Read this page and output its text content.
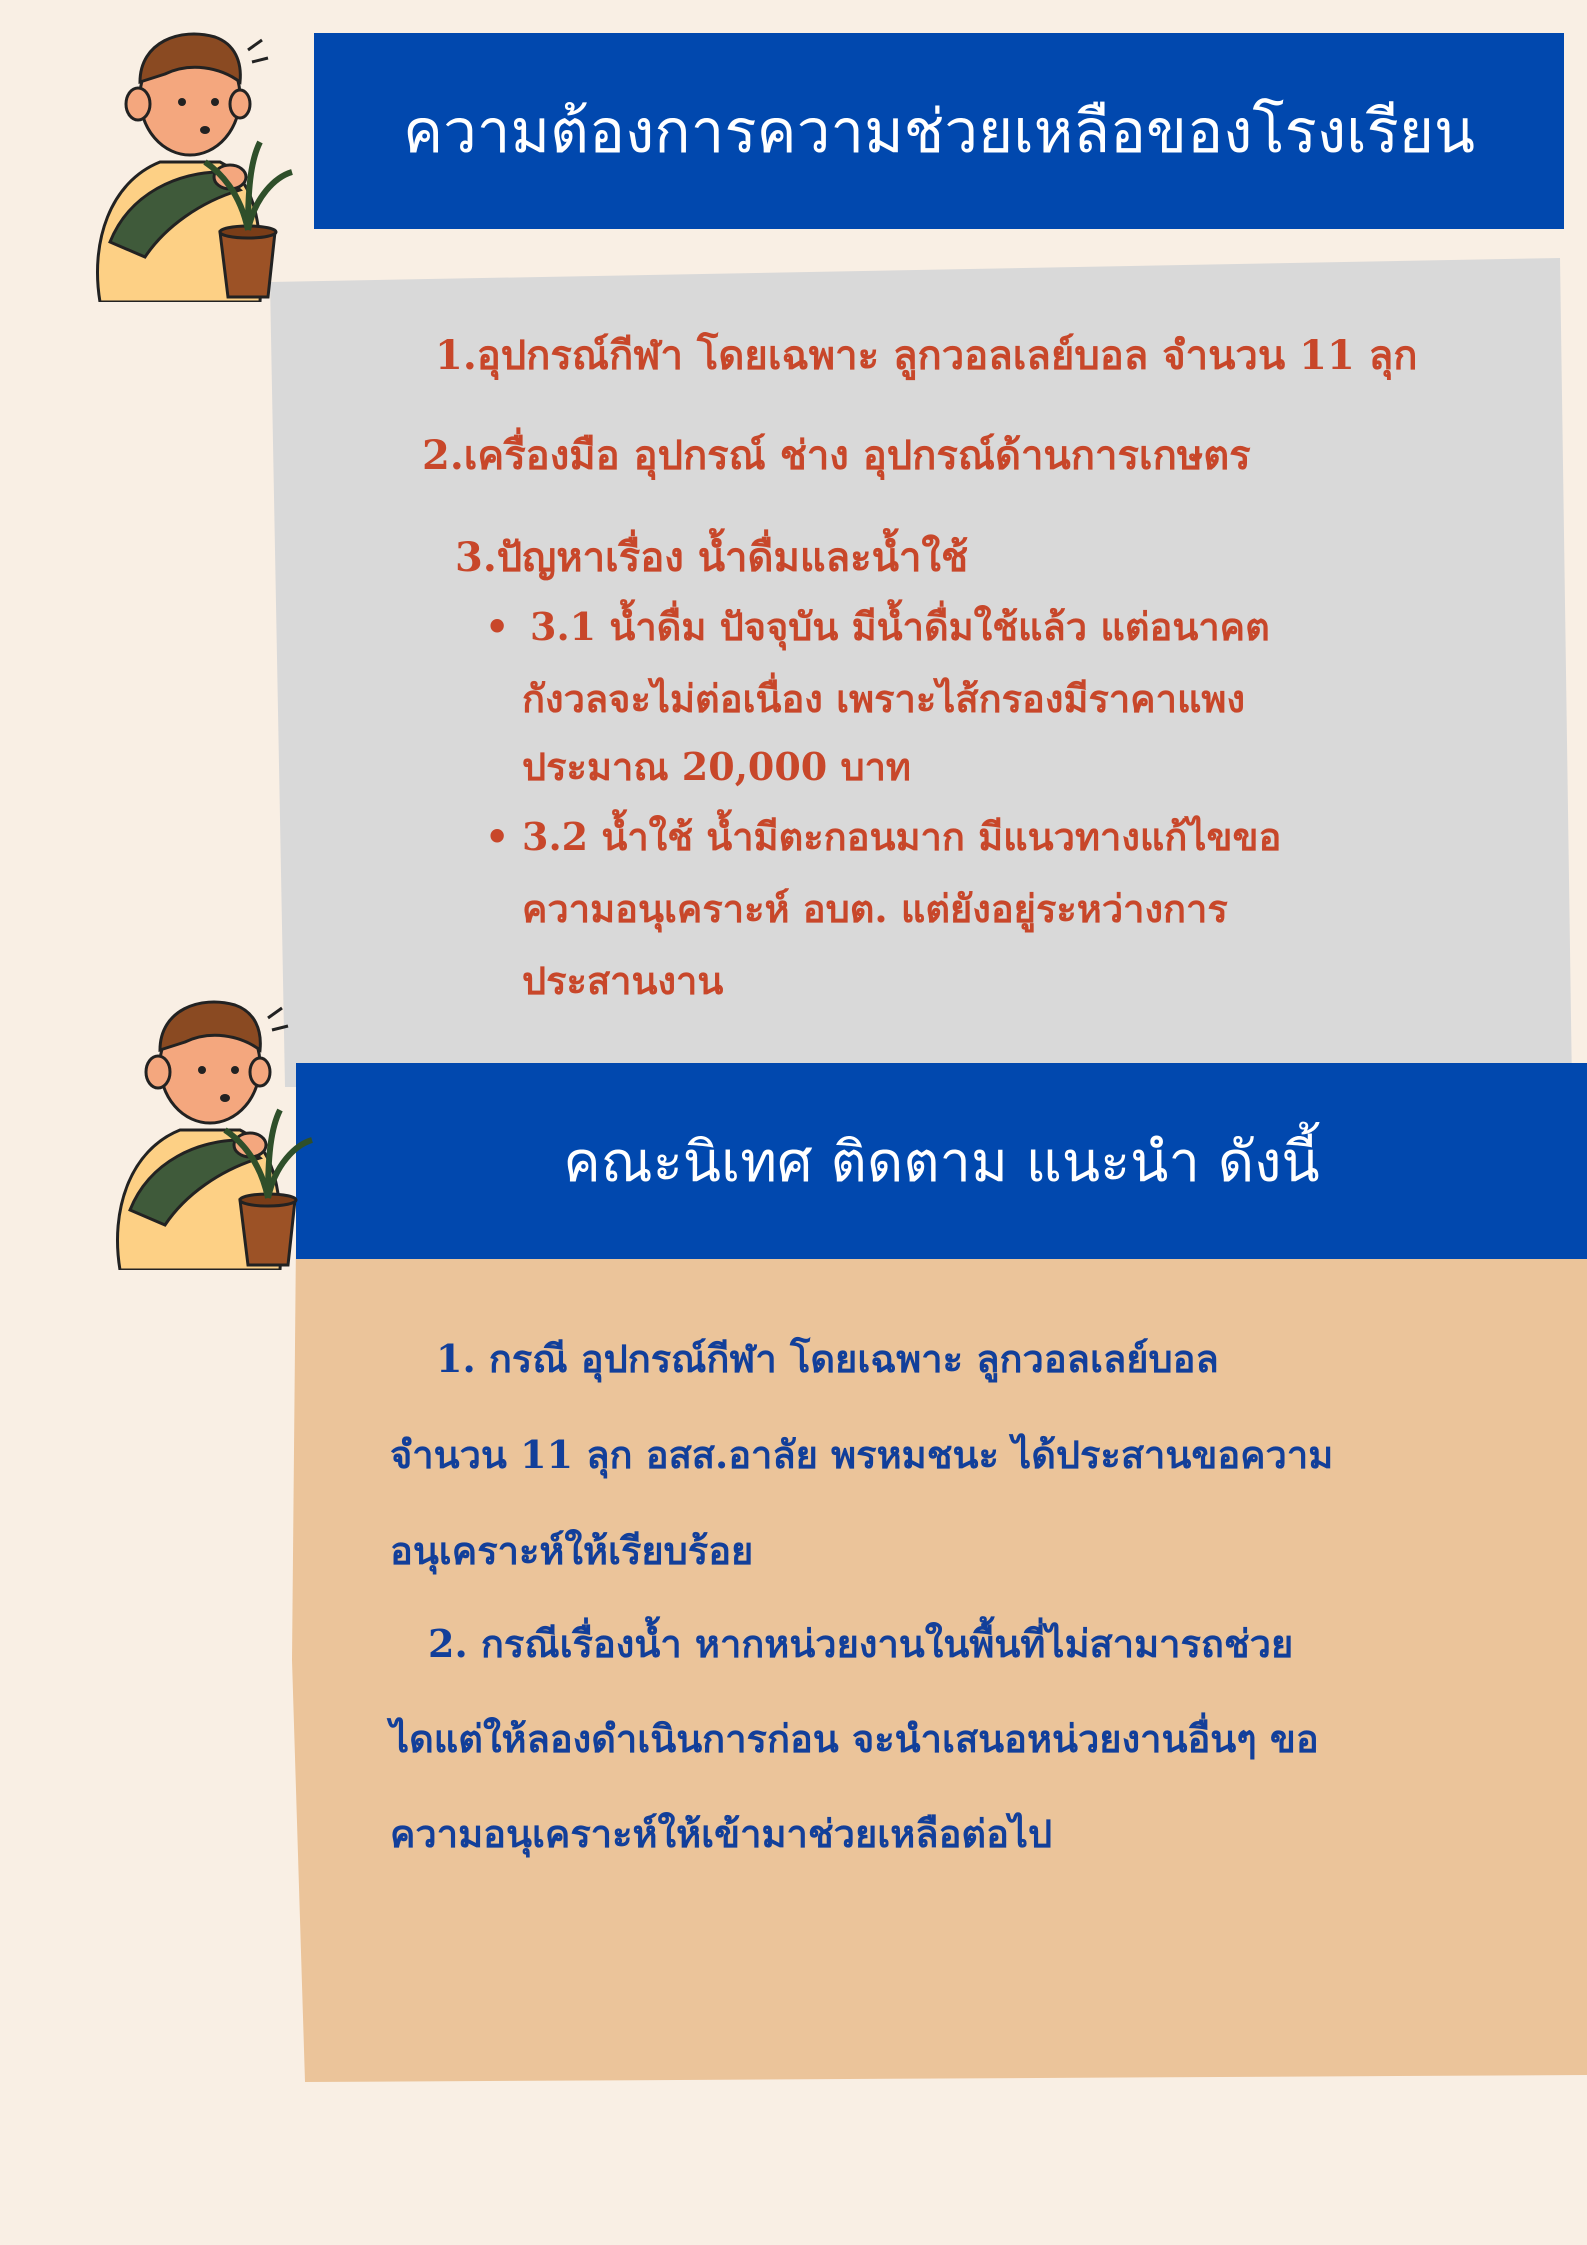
ความต้องการความช่วยเหลือของโรงเรียน
คณะนิเทศ ติดตาม แนะนำ ดังนี้
1.อุปกรณ์กีฬา โดยเฉพาะ ลูกวอลเลย์บอล จำนวน 11 ลุก
2.เครื่องมือ อุปกรณ์ ช่าง อุปกรณ์ด้านการเกษตร
3.ปัญหาเรื่อง น้ำดื่มและน้ำใช้
• 3.1 น้ำดื่ม ปัจจุบัน มีน้ำดื่มใช้แล้ว แต่อนาคต
กังวลจะไม่ต่อเนื่อง เพราะไส้กรองมีราคาแพง
ประมาณ 20,000 บาท
• 3.2 น้ำใช้ น้ำมีตะกอนมาก มีแนวทางแก้ไขขอ
ความอนุเคราะห์ อบต. แต่ยังอยู่ระหว่างการ
ประสานงาน
1. กรณี อุปกรณ์กีฬา โดยเฉพาะ ลูกวอลเลย์บอล
จำนวน 11 ลุก อสส.อาลัย พรหมชนะ ได้ประสานขอความ
อนุเคราะห์ให้เรียบร้อย
2. กรณีเรื่องน้ำ หากหน่วยงานในพื้นที่ไม่สามารถช่วย
ไดแต่ให้ลองดำเนินการก่อน จะนำเสนอหน่วยงานอื่นๆ ขอ
ความอนุเคราะห์ให้เข้ามาช่วยเหลือต่อไป
